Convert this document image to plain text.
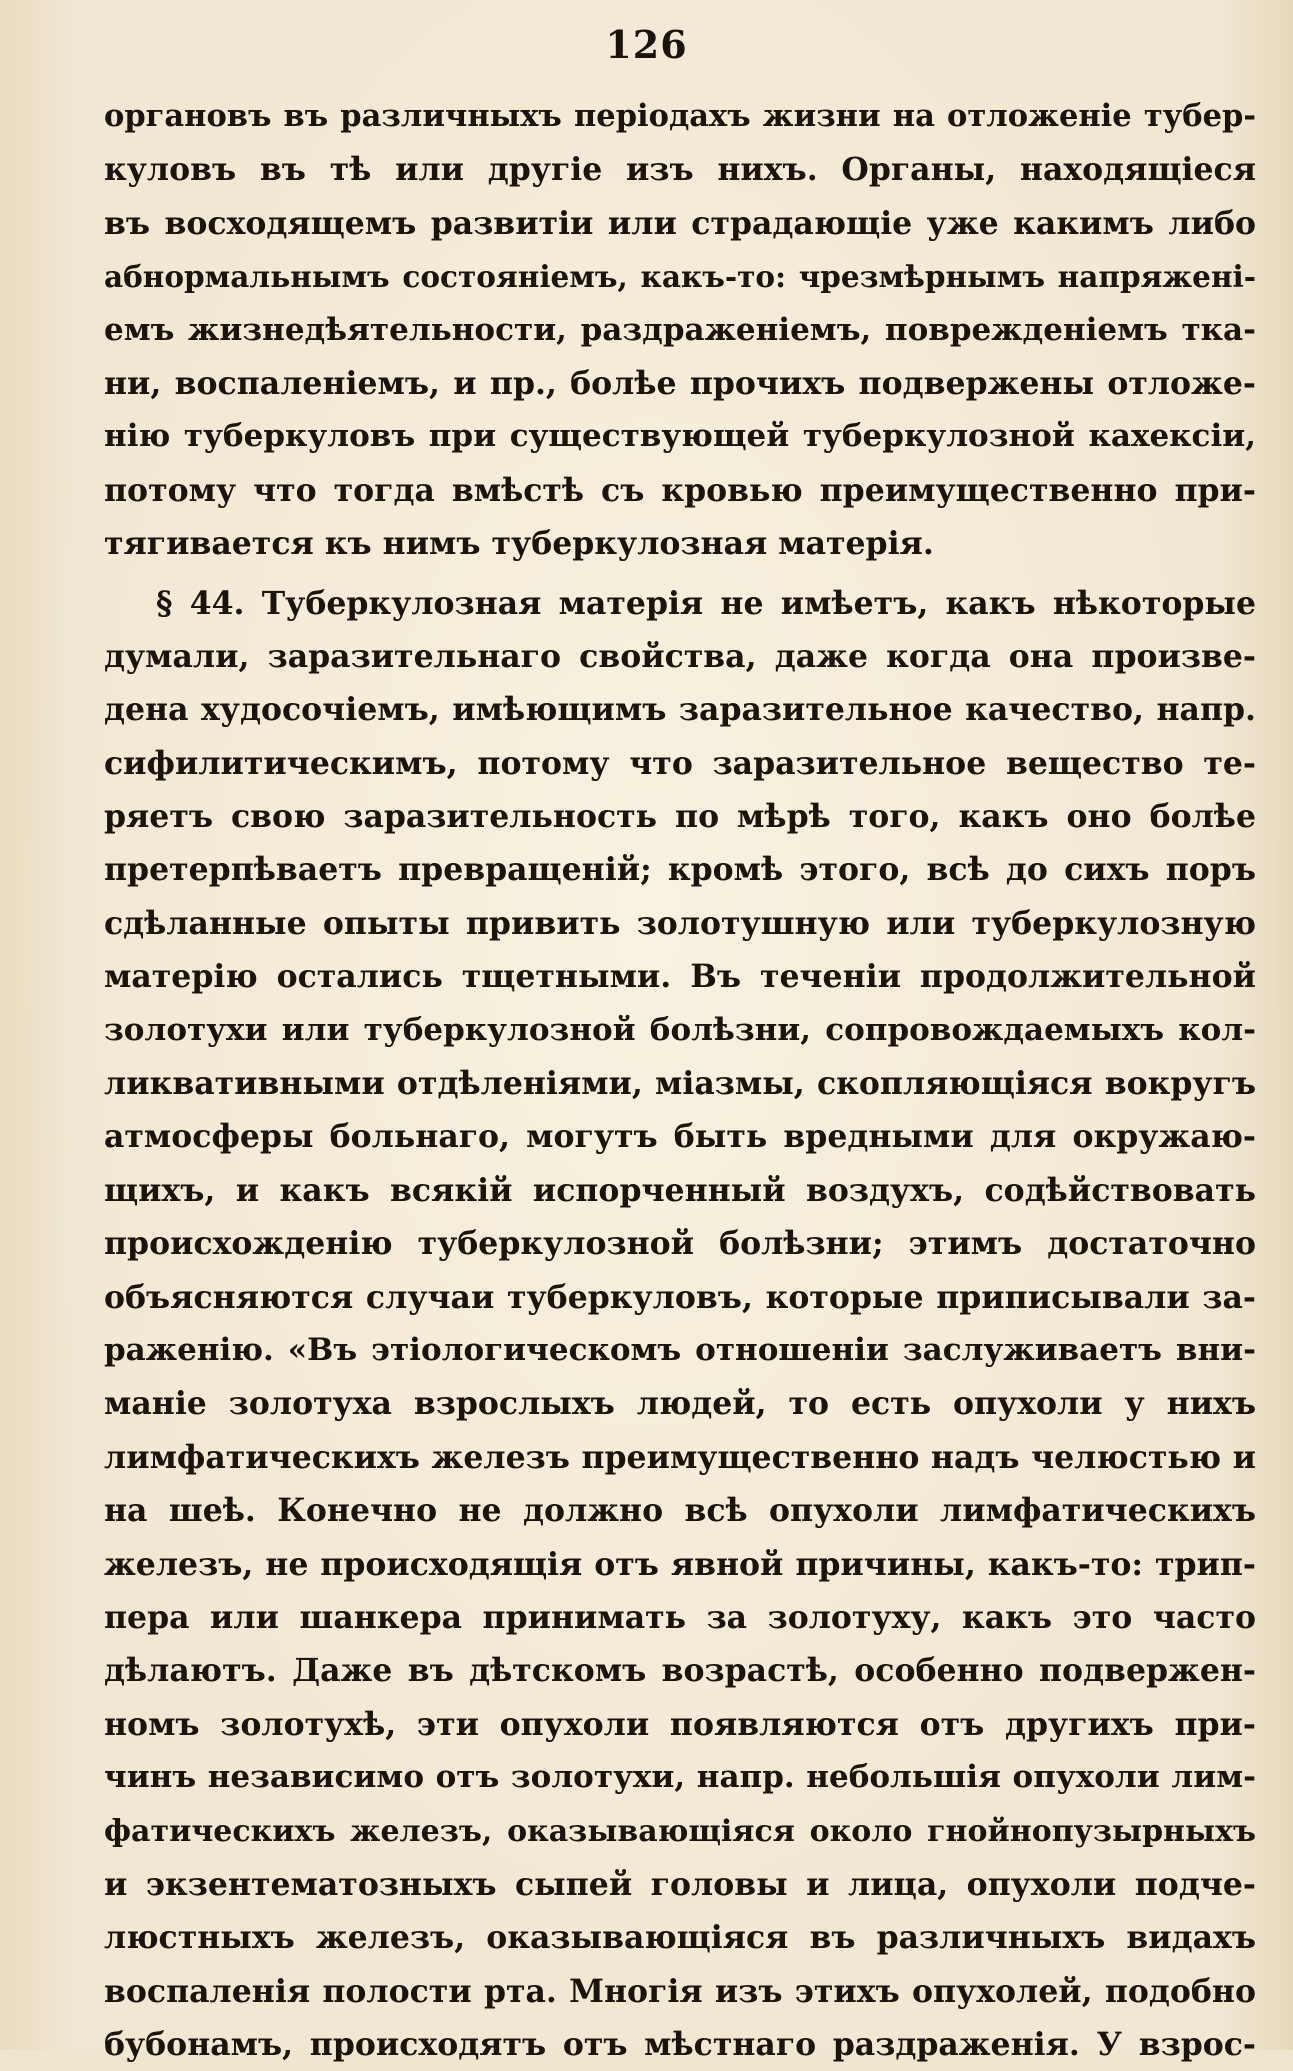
126
органовъ въ различныхъ періодахъ жизни на отложеніе тубер-
куловъ въ тѣ или другіе изъ нихъ. Органы, находящіеся
въ восходящемъ развитіи или страдающіе уже какимъ либо
абнормальнымъ состояніемъ, какъ-то: чрезмѣрнымъ напряженi-
емъ жизнедѣятельности, раздраженіемъ, поврежденіемъ тка-
ни, воспаленіемъ, и пр., болѣе прочихъ подвержены отложе-
нію туберкуловъ при существующей туберкулозной кахексіи,
потому что тогда вмѣстѣ съ кровью преимущественно при-
тягивается къ нимъ туберкулозная матерія.
§ 44. Туберкулозная матерія не имѣетъ, какъ нѣкоторые
думали, заразительнаго свойства, даже когда она произве-
дена худосочіемъ, имѣющимъ заразительное качество, напр.
сифилитическимъ, потому что заразительное вещество те-
ряетъ свою заразительность по мѣрѣ того, какъ оно болѣе
претерпѣваетъ превращеній; кромѣ этого, всѣ до сихъ поръ
сдѣланные опыты привить золотушную или туберкулозную
матерію остались тщетными. Въ теченіи продолжительной
золотухи или туберкулозной болѣзни, сопровождаемыхъ кол-
ликвативными отдѣленіями, міазмы, скопляющіяся вокругъ
атмосферы больнаго, могутъ быть вредными для окружаю-
щихъ, и какъ всякій испорченный воздухъ, содѣйствовать
происхожденію туберкулозной болѣзни; этимъ достаточно
объясняются случаи туберкуловъ, которые приписывали за-
раженію. «Въ этіологическомъ отношеніи заслуживаетъ вни-
маніе золотуха взрослыхъ людей, то есть опухоли у нихъ
лимфатическихъ железъ преимущественно надъ челюстью и
на шеѣ. Конечно не должно всѣ опухоли лимфатическихъ
железъ, не происходящія отъ явной причины, какъ-то: трип-
пера или шанкера принимать за золотуху, какъ это часто
дѣлаютъ. Даже въ дѣтскомъ возрастѣ, особенно подвержен-
номъ золотухѣ, эти опухоли появляются отъ другихъ при-
чинъ независимо отъ золотухи, напр. небольшія опухоли лим-
фатическихъ железъ, оказывающіяся около гнойнопузырныхъ
и экзентематозныхъ сыпей головы и лица, опухоли подче-
люстныхъ железъ, оказывающіяся въ различныхъ видахъ
воспаленія полости рта. Многія изъ этихъ опухолей, подобно
бубонамъ, происходятъ отъ мѣстнаго раздраженія. У взрос-
